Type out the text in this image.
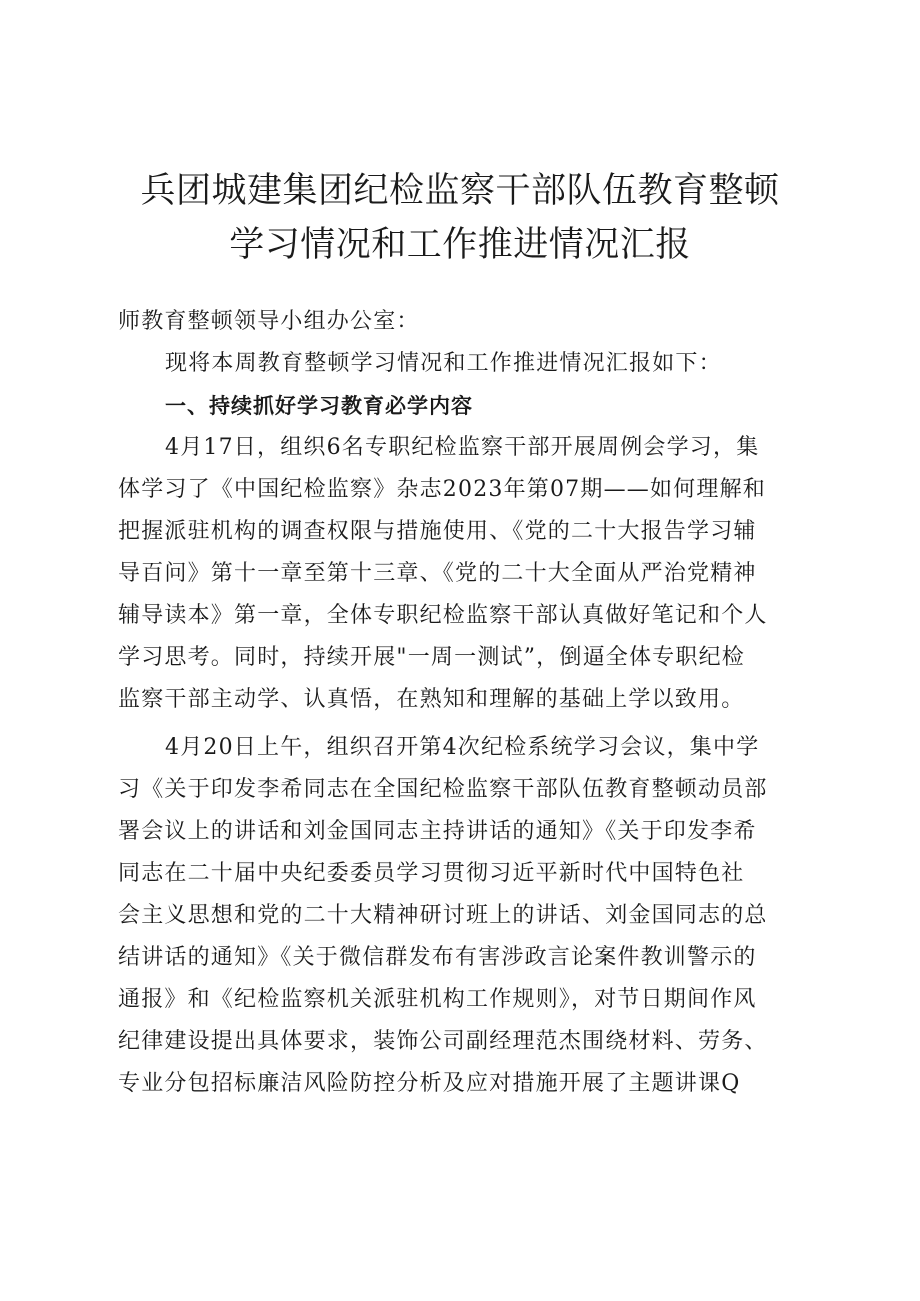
兵团城建集团纪检监察干部队伍教育整顿
学习情况和工作推进情况汇报
师教育整顿领导小组办公室：
现将本周教育整顿学习情况和工作推进情况汇报如下：
一、持续抓好学习教育必学内容
4月17日，组织6名专职纪检监察干部开展周例会学习，集
体学习了《中国纪检监察》杂志2023年第07期——如何理解和
把握派驻机构的调查权限与措施使用、《党的二十大报告学习辅
导百问》第十一章至第十三章、《党的二十大全面从严治党精神
辅导读本》第一章，全体专职纪检监察干部认真做好笔记和个人
学习思考。同时，持续开展"一周一测试”，倒逼全体专职纪检
监察干部主动学、认真悟，在熟知和理解的基础上学以致用。
4月20日上午，组织召开第4次纪检系统学习会议，集中学
习《关于印发李希同志在全国纪检监察干部队伍教育整顿动员部
署会议上的讲话和刘金国同志主持讲话的通知》《关于印发李希
同志在二十届中央纪委委员学习贯彻习近平新时代中国特色社
会主义思想和党的二十大精神研讨班上的讲话、刘金国同志的总
结讲话的通知》《关于微信群发布有害涉政言论案件教训警示的
通报》和《纪检监察机关派驻机构工作规则》，对节日期间作风
纪律建设提出具体要求，装饰公司副经理范杰围绕材料、劳务、
专业分包招标廉洁风险防控分析及应对措施开展了主题讲课Q
